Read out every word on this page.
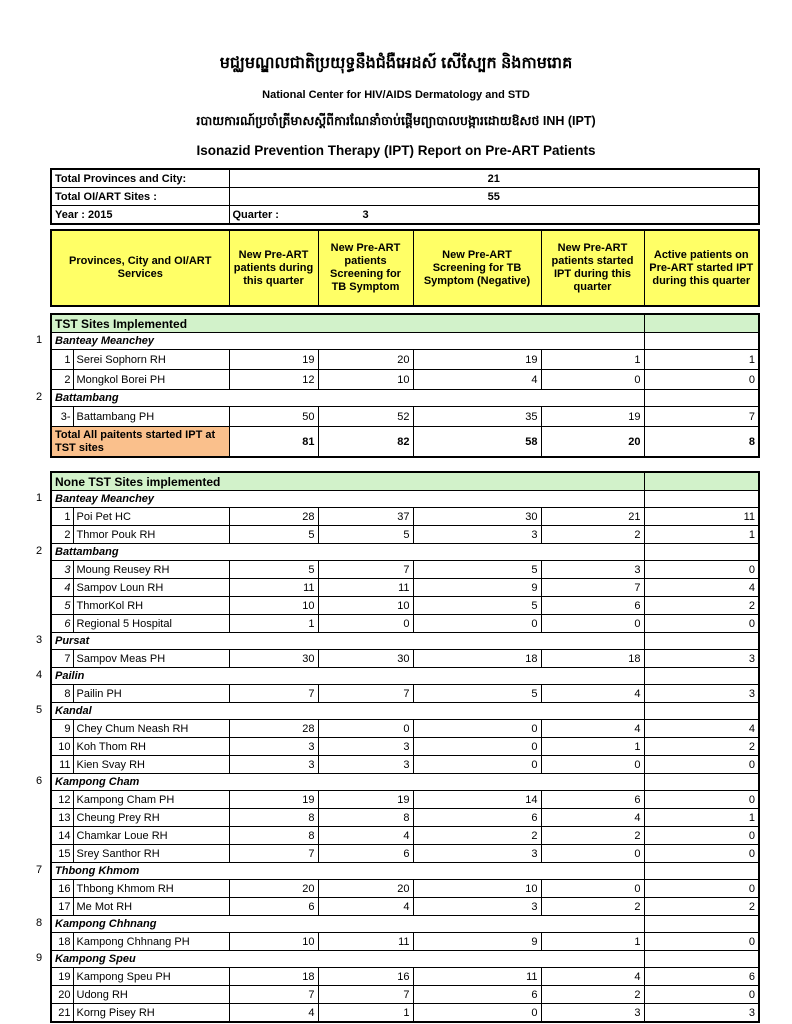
មជ្ឈមណ្ឌលជាតិប្រយុទ្ធនឹងជំងឺអេដស៍ សើស្បែក និងកាមរោគ
National Center for HIV/AIDS Dermatology and STD
របាយការណ៍ប្រចាំត្រីមាសស្តីពីការណែនាំចាប់ផ្តើមព្យាបាលបង្ការដោយឱសថ INH (IPT)
Isonazid Prevention Therapy (IPT) Report on Pre-ART Patients
Total Provinces and City:	21		
Total OI/ART Sites :	55		
Year : 2015	Quarter :	3	
Provinces, City and OI/ART Services	New Pre-ART patients during this quarter	New Pre-ART patients Screening for TB Symptom	New Pre-ART Screening for TB Symptom (Negative)	New Pre-ART patients started IPT during this quarter	Active patients on Pre-ART started IPT during this quarter
TST Sites Implemented						
Banteay Meanchey						
1	Serei Sophorn RH	19	20	19	1	1
2	Mongkol Borei PH	12	10	4	0	0
Battambang						
3-	Battambang PH	50	52	35	19	7
Total All paitents started IPT at TST sites		81	82	58	20	8
None TST Sites implemented						
Banteay Meanchey						
1	Poi Pet HC	28	37	30	21	11
2	Thmor Pouk RH	5	5	3	2	1
Battambang						
3	Moung Reusey RH	5	7	5	3	0
4	Sampov Loun RH	11	11	9	7	4
5	ThmorKol RH	10	10	5	6	2
6	Regional 5 Hospital	1	0	0	0	0
Pursat						
7	Sampov Meas PH	30	30	18	18	3
Pailin						
8	Pailin PH	7	7	5	4	3
Kandal						
9	Chey Chum Neash RH	28	0	0	4	4
10	Koh Thom RH	3	3	0	1	2
11	Kien Svay RH	3	3	0	0	0
Kampong Cham						
12	Kampong Cham PH	19	19	14	6	0
13	Cheung Prey RH	8	8	6	4	1
14	Chamkar Loue RH	8	4	2	2	0
15	Srey Santhor RH	7	6	3	0	0
Thbong Khmom						
16	Thbong Khmom RH	20	20	10	0	0
17	Me Mot RH	6	4	3	2	2
Kampong Chhnang						
18	Kampong Chhnang PH	10	11	9	1	0
Kampong Speu						
19	Kampong Speu PH	18	16	11	4	6
20	Udong RH	7	7	6	2	0
21	Korng Pisey RH	4	1	0	3	3
1
2
1
2
3
4
5
6
7
8
9
